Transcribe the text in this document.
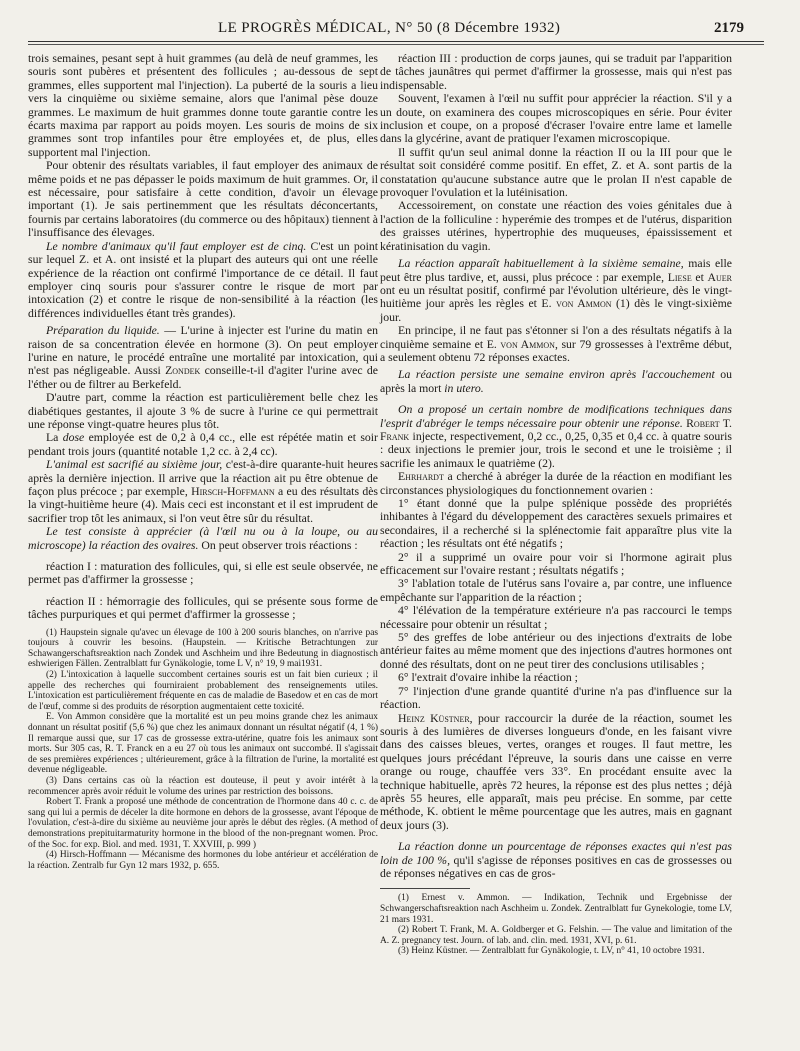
LE PROGRÈS MÉDICAL, N° 50 (8 Décembre 1932)	2179

trois semaines, pesant sept à huit grammes (au delà de neuf grammes, les souris sont pubères et présentent des follicules ; au-dessous de sept grammes, elles supportent mal l'injection). La puberté de la souris a lieu vers la cinquième ou sixième semaine, alors que l'animal pèse douze grammes. Le maximum de huit grammes donne toute garantie contre les écarts maxima par rapport au poids moyen. Les souris de moins de six grammes sont trop infantiles pour être employées et, de plus, elles supportent mal l'injection.

Pour obtenir des résultats variables, il faut employer des animaux de même poids et ne pas dépasser le poids maximum de huit grammes. Or, il est nécessaire, pour satisfaire à cette condition, d'avoir un élevage important (1). Je sais pertinemment que les résultats déconcertants, fournis par certains laboratoires (du commerce ou des hôpitaux) tiennent à l'insuffisance des élevages.

Le nombre d'animaux qu'il faut employer est de cinq. C'est un point sur lequel Z. et A. ont insisté et la plupart des auteurs qui ont une réelle expérience de la réaction ont confirmé l'importance de ce détail. Il faut employer cinq souris pour s'assurer contre le risque de mort par intoxication (2) et contre le risque de non-sensibilité à la réaction (les différences individuelles étant très grandes).

Préparation du liquide. — L'urine à injecter est l'urine du matin en raison de sa concentration élevée en hormone (3). On peut employer l'urine en nature, le procédé entraîne une mortalité par intoxication, qui n'est pas négligeable. Aussi Zondek conseille-t-il d'agiter l'urine avec de l'éther ou de filtrer au Berkefeld.

D'autre part, comme la réaction est particulièrement belle chez les diabétiques gestantes, il ajoute 3 % de sucre à l'urine ce qui permettrait une réponse vingt-quatre heures plus tôt.

La dose employée est de 0,2 à 0,4 cc., elle est répétée matin et soir pendant trois jours (quantité notable 1,2 cc. à 2,4 cc).

L'animal est sacrifié au sixième jour, c'est-à-dire quarante-huit heures après la dernière injection. Il arrive que la réaction ait pu être obtenue de façon plus précoce ; par exemple, Hirsch-Hoffmann a eu des résultats dès la vingt-huitième heure (4). Mais ceci est inconstant et il est imprudent de sacrifier trop tôt les animaux, si l'on veut être sûr du résultat.

Le test consiste à apprécier (à l'œil nu ou à la loupe, ou au microscope) la réaction des ovaires. On peut observer trois réactions :

réaction I : maturation des follicules, qui, si elle est seule observée, ne permet pas d'affirmer la grossesse ;

réaction II : hémorragie des follicules, qui se présente sous forme de tâches purpuriques et qui permet d'affirmer la grossesse ;

(1) Haupstein signale qu'avec un élevage de 100 à 200 souris blanches, on n'arrive pas toujours à couvrir les besoins. (Haupstein. — Kritische Betrachtungen zur Schawangerschaftsreaktion nach Zondek und Aschheim und ihre Bedeutung in diagnostisch eshwierigen Fällen. Zentralblatt fur Gynäkologie, tome L V, n° 19, 9 mai1931.

(2) L'intoxication à laquelle succombent certaines souris est un fait bien curieux ; il appelle des recherches qui fourniraient probablement des renseignements utiles. L'intoxication est particulièrement fréquente en cas de maladie de Basedow et en cas de mort de l'œuf, comme si des produits de résorption augmentaient cette toxicité.

E. Von Ammon considère que la mortalité est un peu moins grande chez les animaux donnant un résultat positif (5,6 %) que chez les animaux donnant un résultat négatif (4, 1 %) Il remarque aussi que, sur 17 cas de grossesse extra-utérine, quatre fois les animaux sont morts. Sur 305 cas, R. T. Franck en a eu 27 où tous les animaux ont succombé. Il s'agissait de ses premières expériences ; ultérieurement, grâce à la filtration de l'urine, la mortalité est devenue négligeable.

(3) Dans certains cas où la réaction est douteuse, il peut y avoir intérêt à la recommencer après avoir réduit le volume des urines par restriction des boissons.

Robert T. Frank a proposé une méthode de concentration de l'hormone dans 40 c. c. de sang qui lui a permis de déceler la dite hormone en dehors de la grossesse, avant l'époque de l'ovulation, c'est-à-dire du sixième au neuvième jour après le début des règles. (A method of demonstrations prepituitarmaturity hormone in the blood of the non-pregnant women. Proc. of the Soc. for exp. Biol. and med. 1931, T. XXVIII, p. 999 )

(4) Hirsch-Hoffmann — Mécanisme des hormones du lobe antérieur et accélération de la réaction. Zentralb fur Gyn 12 mars 1932, p. 655.

réaction III : production de corps jaunes, qui se traduit par l'apparition de tâches jaunâtres qui permet d'affirmer la grossesse, mais qui n'est pas indispensable.

Souvent, l'examen à l'œil nu suffit pour apprécier la réaction. S'il y a un doute, on examinera des coupes microscopiques en série. Pour éviter inclusion et coupe, on a proposé d'écraser l'ovaire entre lame et lamelle dans la glycérine, avant de pratiquer l'examen microscopique.

Il suffit qu'un seul animal donne la réaction II ou la III pour que le résultat soit considéré comme positif. En effet, Z. et A. sont partis de la constatation qu'aucune substance autre que le prolan II n'est capable de provoquer l'ovulation et la lutéinisation.

Accessoirement, on constate une réaction des voies génitales due à l'action de la folliculine : hyperémie des trompes et de l'utérus, disparition des graisses utérines, hypertrophie des muqueuses, épaississement et kératinisation du vagin.

La réaction apparaît habituellement à la sixième semaine, mais elle peut être plus tardive, et, aussi, plus précoce : par exemple, Liese et Auer ont eu un résultat positif, confirmé par l'évolution ultérieure, dès le vingt-huitième jour après les règles et E. von Ammon (1) dès le vingt-sixième jour.

En principe, il ne faut pas s'étonner si l'on a des résultats négatifs à la cinquième semaine et E. von Ammon, sur 79 grossesses à l'extrême début, a seulement obtenu 72 réponses exactes.

La réaction persiste une semaine environ après l'accouchement ou après la mort in utero.

On a proposé un certain nombre de modifications techniques dans l'esprit d'abréger le temps nécessaire pour obtenir une réponse. Robert T. Frank injecte, respectivement, 0,2 cc., 0,25, 0,35 et 0,4 cc. à quatre souris : deux injections le premier jour, trois le second et une le troisième ; il sacrifie les animaux le quatrième (2).

Ehrhardt a cherché à abréger la durée de la réaction en modifiant les circonstances physiologiques du fonctionnement ovarien :

1° étant donné que la pulpe splénique possède des propriétés inhibantes à l'égard du développement des caractères sexuels primaires et secondaires, il a recherché si la splénectomie fait apparaître plus vite la réaction ; les résultats ont été négatifs ;

2° il a supprimé un ovaire pour voir si l'hormone agirait plus efficacement sur l'ovaire restant ; résultats négatifs ;

3° l'ablation totale de l'utérus sans l'ovaire a, par contre, une influence empêchante sur l'apparition de la réaction ;

4° l'élévation de la température extérieure n'a pas raccourci le temps nécessaire pour obtenir un résultat ;

5° des greffes de lobe antérieur ou des injections d'extraits de lobe antérieur faites au même moment que des injections d'autres hormones ont donné des résultats, dont on ne peut tirer des conclusions utilisables ;

6° l'extrait d'ovaire inhibe la réaction ;

7° l'injection d'une grande quantité d'urine n'a pas d'influence sur la réaction.

Heinz Küstner, pour raccourcir la durée de la réaction, soumet les souris à des lumières de diverses longueurs d'onde, en les faisant vivre dans des caisses bleues, vertes, oranges et rouges. Il faut mettre, les quelques jours précédant l'épreuve, la souris dans une caisse en verre orange ou rouge, chauffée vers 33°. En procédant ensuite avec la technique habituelle, après 72 heures, la réponse est des plus nettes ; déjà après 55 heures, elle apparaît, mais peu précise. En somme, par cette méthode, K. obtient le même pourcentage que les autres, mais en gagnant deux jours (3).

La réaction donne un pourcentage de réponses exactes qui n'est pas loin de 100 %, qu'il s'agisse de réponses positives en cas de grossesses ou de réponses négatives en cas de gros-

(1) Ernest v. Ammon. — Indikation, Technik und Ergebnisse der Schwangerschaftsreaktion nach Aschheim u. Zondek. Zentralblatt fur Gynekologie, tome LV, 21 mars 1931.

(2) Robert T. Frank, M. A. Goldberger et G. Felshin. — The value and limitation of the A. Z. pregnancy test. Journ. of lab. and. clin. med. 1931, XVI, p. 61.

(3) Heinz Küstner. — Zentralblatt fur Gynäkologie, t. LV, n° 41, 10 octobre 1931.
